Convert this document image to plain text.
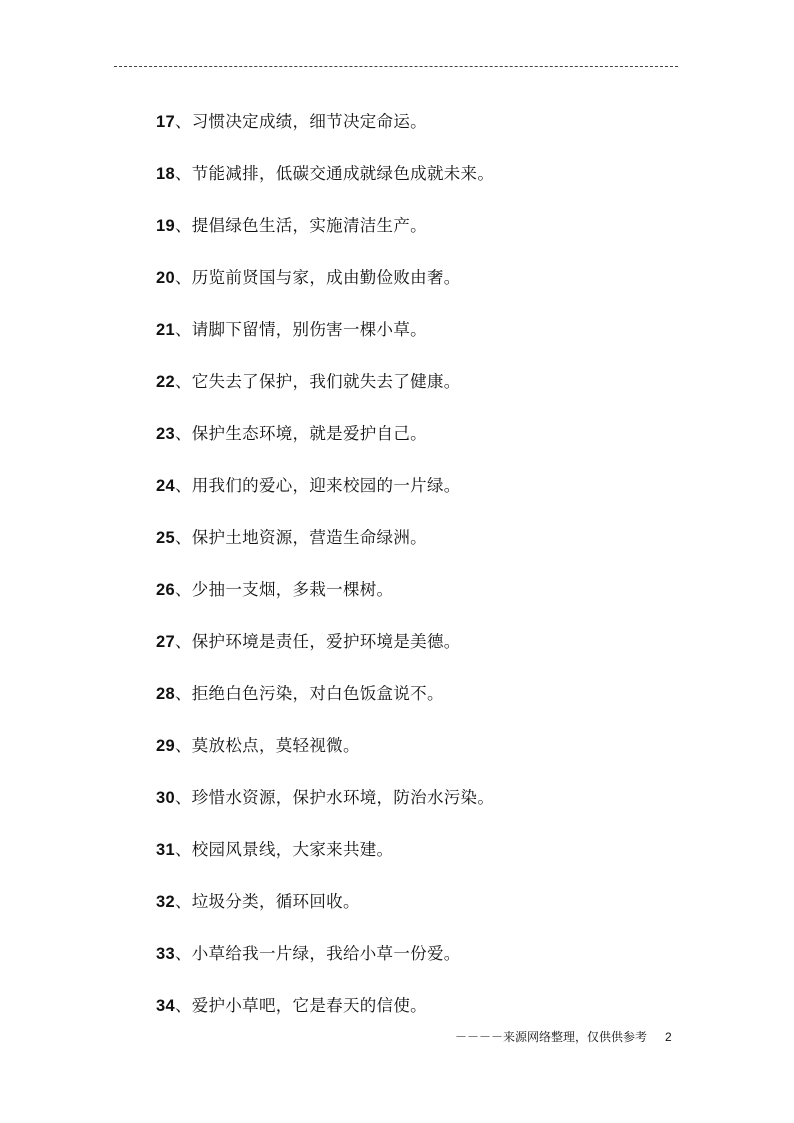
17、习惯决定成绩，细节决定命运。
18、节能减排，低碳交通成就绿色成就未来。
19、提倡绿色生活，实施清洁生产。
20、历览前贤国与家，成由勤俭败由奢。
21、请脚下留情，别伤害一棵小草。
22、它失去了保护，我们就失去了健康。
23、保护生态环境，就是爱护自己。
24、用我们的爱心，迎来校园的一片绿。
25、保护土地资源，营造生命绿洲。
26、少抽一支烟，多栽一棵树。
27、保护环境是责任，爱护环境是美德。
28、拒绝白色污染，对白色饭盒说不。
29、莫放松点，莫轻视微。
30、珍惜水资源，保护水环境，防治水污染。
31、校园风景线，大家来共建。
32、垃圾分类，循环回收。
33、小草给我一片绿，我给小草一份爱。
34、爱护小草吧，它是春天的信使。
－－－－来源网络整理，仅供供参考 2
